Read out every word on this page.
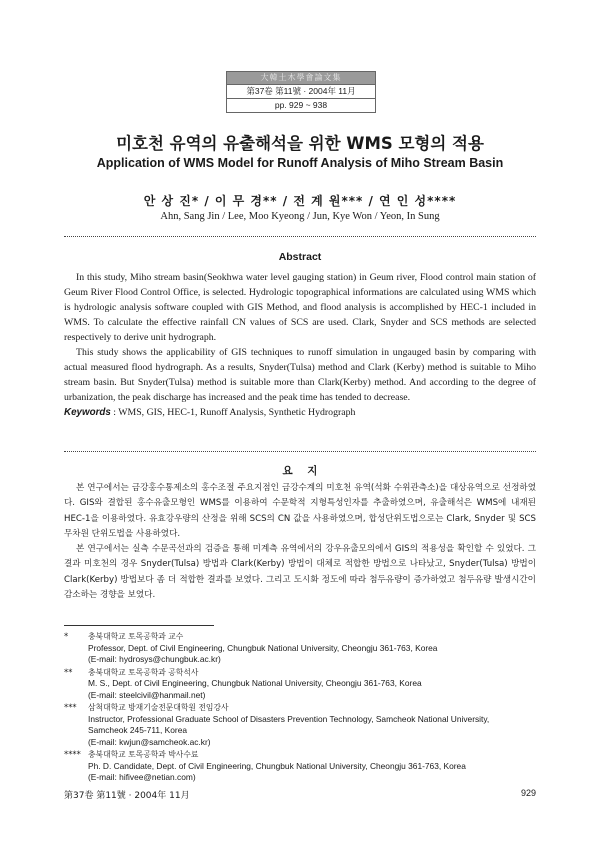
大韓土木學會論文集
第37卷 第11號 · 2004年 11月
pp. 929 ~ 938
미호천 유역의 유출해석을 위한 WMS 모형의 적용
Application of WMS Model for Runoff Analysis of Miho Stream Basin
안 상 진* / 이 무 경** / 전 계 원*** / 연 인 성****
Ahn, Sang Jin / Lee, Moo Kyeong / Jun, Kye Won / Yeon, In Sung
Abstract

In this study, Miho stream basin(Seokhwa water level gauging station) in Geum river, Flood control main station of Geum River Flood Control Office, is selected. Hydrologic topographical informations are calculated using WMS which is hydrologic analysis software coupled with GIS Method, and flood analysis is accomplished by HEC-1 included in WMS. To calculate the effective rainfall CN values of SCS are used. Clark, Snyder and SCS methods are selected respectively to derive unit hydrograph.

This study shows the applicability of GIS techniques to runoff simulation in ungauged basin by comparing with actual measured flood hydrograph. As a results, Snyder(Tulsa) method and Clark (Kerby) method is suitable to Miho stream basin. But Snyder(Tulsa) method is suitable more than Clark(Kerby) method. And according to the degree of urbanization, the peak discharge has increased and the peak time has tended to decrease.

Keywords : WMS, GIS, HEC-1, Runoff Analysis, Synthetic Hydrograph
요    지

본 연구에서는 금강홍수통제소의 홍수조절 주요지점인 금강수계의 미호천 유역(석화 수위관측소)을 대상유역으로 선정하였다. GIS와 결합된 홍수유출모형인 WMS를 이용하여 수문학적 지형특성인자를 추출하였으며, 유출해석은 WMS에 내재된 HEC-1을 이용하였다. 유효강우량의 산정을 위해 SCS의 CN 값을 사용하였으며, 합성단위도법으로는 Clark, Snyder 및 SCS 무차원 단위도법을 사용하였다.

본 연구에서는 실측 수문곡선과의 검증을 통해 미계측 유역에서의 강우유출모의에서 GIS의 적용성을 확인할 수 있었다. 그 결과 미호천의 경우 Snyder(Tulsa) 방법과 Clark(Kerby) 방법이 대체로 적합한 방법으로 나타났고, Snyder(Tulsa) 방법이 Clark(Kerby) 방법보다 좀 더 적합한 결과를 보였다. 그리고 도시화 정도에 따라 첨두유량이 증가하였고 첨두유량 발생시간이 감소하는 경향을 보였다.

*	충북대학교 토목공학과 교수
Professor, Dept. of Civil Engineering, Chungbuk National University, Cheongju 361-763, Korea
(E-mail: hydrosys@chungbuk.ac.kr)
**	충북대학교 토목공학과 공학석사
M. S., Dept. of Civil Engineering, Chungbuk National University, Cheongju 361-763, Korea
(E-mail: steelcivil@hanmail.net)
***	삼척대학교 방재기술전문대학원 전임강사
Instructor, Professional Graduate School of Disasters Prevention Technology, Samcheok National University,
Samcheok 245-711, Korea
(E-mail: kwjun@samcheok.ac.kr)
**** 충북대학교 토목공학과 박사수료
Ph. D. Candidate, Dept. of Civil Engineering, Chungbuk National University, Cheongju 361-763, Korea
(E-mail: hifivee@netian.com)
第37卷 第11號 · 2004年 11月	929
